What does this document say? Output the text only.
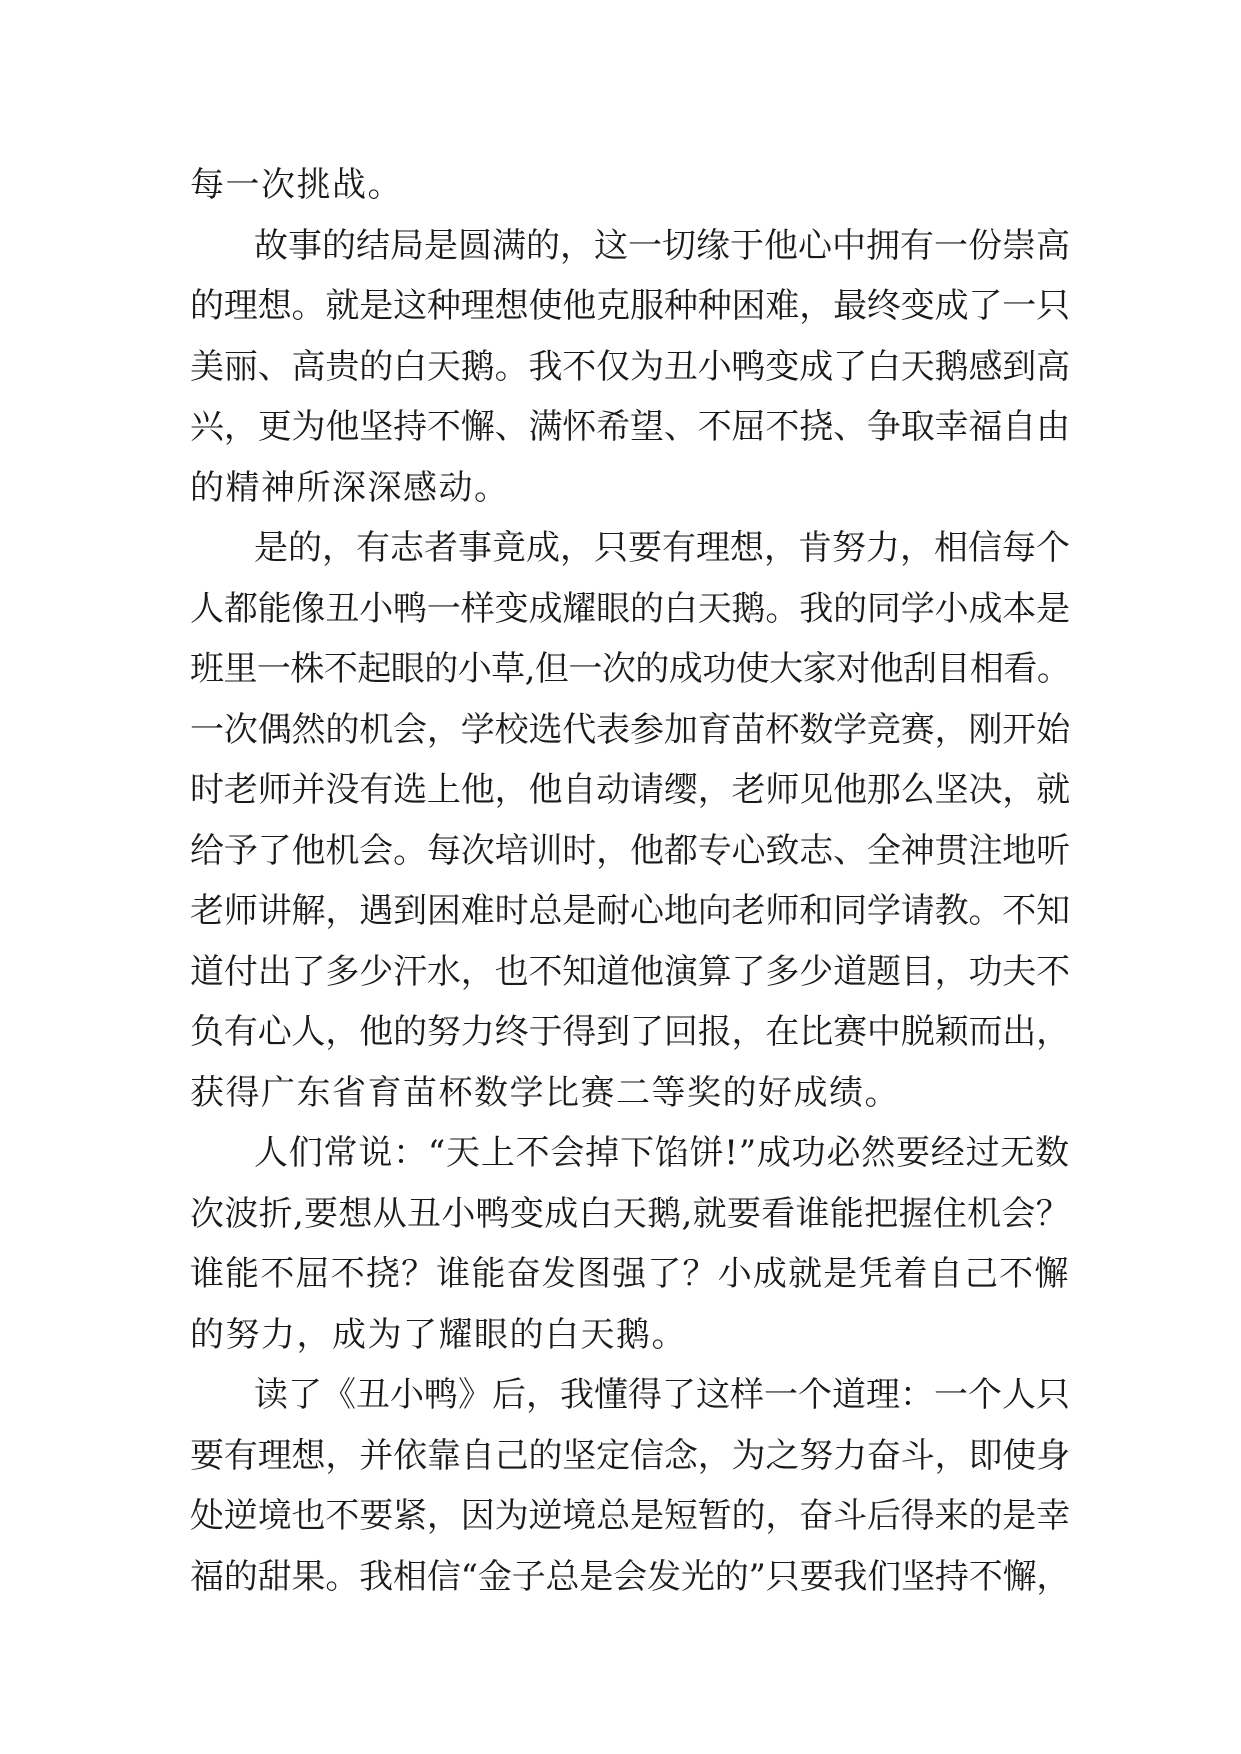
每一次挑战。
故事的结局是圆满的，这一切缘于他心中拥有一份崇高
的理想。就是这种理想使他克服种种困难，最终变成了一只
美丽、高贵的白天鹅。我不仅为丑小鸭变成了白天鹅感到高
兴，更为他坚持不懈、满怀希望、不屈不挠、争取幸福自由
的精神所深深感动。
是的，有志者事竟成，只要有理想，肯努力，相信每个
人都能像丑小鸭一样变成耀眼的白天鹅。我的同学小成本是
班里一株不起眼的小草,但一次的成功使大家对他刮目相看。
一次偶然的机会，学校选代表参加育苗杯数学竞赛，刚开始
时老师并没有选上他，他自动请缨，老师见他那么坚决，就
给予了他机会。每次培训时，他都专心致志、全神贯注地听
老师讲解，遇到困难时总是耐心地向老师和同学请教。不知
道付出了多少汗水，也不知道他演算了多少道题目，功夫不
负有心人，他的努力终于得到了回报，在比赛中脱颖而出，
获得广东省育苗杯数学比赛二等奖的好成绩。
人们常说：“天上不会掉下馅饼!”成功必然要经过无数
次波折,要想从丑小鸭变成白天鹅,就要看谁能把握住机会？
谁能不屈不挠？谁能奋发图强了？小成就是凭着自己不懈
的努力，成为了耀眼的白天鹅。
读了《丑小鸭》后，我懂得了这样一个道理：一个人只
要有理想，并依靠自己的坚定信念，为之努力奋斗，即使身
处逆境也不要紧，因为逆境总是短暂的，奋斗后得来的是幸
福的甜果。我相信“金子总是会发光的”只要我们坚持不懈，
